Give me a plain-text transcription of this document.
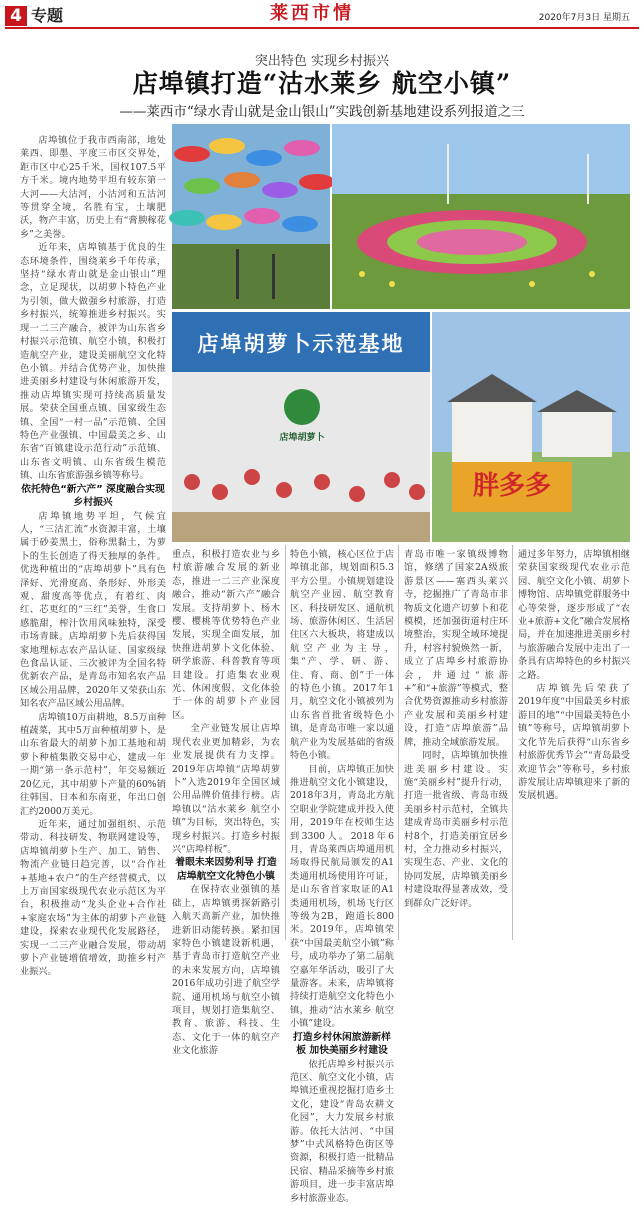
4 专题	莱西市情	2020年7月3日 星期五
突出特色 实现乡村振兴
店埠镇打造“沽水莱乡 航空小镇”
——莱西市“绿水青山就是金山银山”实践创新基地建设系列报道之三

店埠镇位于我市西南部，地处莱西、即墨、平度三市区交界处，距市区中心25千米，国权107.5平方千米。境内地势平坦有较东第一大河——大沽河，小沽河和五沽河等贯穿全境，名胜有宝，土壤肥沃，物产丰富，历史上有“膏腴稼花乡”之美誉。

近年来，店埠镇基于优良的生态环境条件，围绕莱乡千年传承，坚持“绿水青山就是金山银山”理念，立足现状，以胡萝卜特色产业为引领，做大做强乡村旅游，打造乡村振兴，统筹推进乡村振兴。实现一二三产融合，被评为山东省乡村振兴示范镇、航空小镇，积极打造航空产业，建设美丽航空文化特色小镇。并结合优势产业，加快推进美丽乡村建设与休闲旅游开发，推动店埠镇实现可持续高质量发展。荣获全国重点镇、国家级生态镇、全国“一村一品”示范镇、全国特色产业强镇、中国最美之乡、山东省“百镇建设示范行动”示范镇、山东省文明镇、山东省级生模范镇、山东省旅游强乡镇等称号。

依托特色“新六产” 深度融合实现乡村振兴

店埠镇地势平坦，气候宜人，“三沽汇流”水资源丰富，土壤属于砂姜黑土，俗称黑黏土，为萝卜的生长创造了得天独厚的条件。优选种植出的“店埠胡萝卜”具有色泽好、光滑度高、条形好、外形美观、甜度高等优点，有着红、肉红、芯更红的“三红”美誉，生食口感脆甜，榨汁饮用风味独特，深受市场青睐。店埠胡萝卜先后获得国家地理标志农产品认证、国家级绿色食品认证、三次被评为全国名特优新农产品，是青岛市知名农产品区域公用品牌，2020年又荣获山东知名农产品区域公用品牌。

店埠镇10万亩耕地，8.5万亩种植蔬菜，其中5万亩种植胡萝卜，是山东省最大的胡萝卜加工基地和胡萝卜种植集散交易中心，建成一年一期“第一条示范村”，年交易额近20亿元，其中胡萝卜产量的60%销往韩国、日本和东南亚，年出口创汇约2000万美元。

近年来，通过加强组织、示范带动、科技研发、物联网建设等，店埠镇胡萝卜生产、加工、销售、物流产业链日趋完善，以“合作社+基地+农户”的生产经营模式，以上万亩国家级现代农业示范区为平台，积极推动“龙头企业+合作社+家庭农场”为主体的胡萝卜产业链建设，探索农业现代化发展路径，实现一二三产业融合发展，带动胡萝卜产业链增值增效，助推乡村产业振兴。

店埠胡萝卜示范基地
店埠胡萝卜
胖多多

重点，积极打造农业与乡村旅游融合发展的新业态，推进一二三产业深度融合，推动“新六产”融合发展。支持胡萝卜、杨木樱、樱桃等优势特色产业发展，实现全面发展，加快推进胡萝卜文化体验、研学旅游、科普教育等项目建设。打造集农业观光、休闲度假、文化体验于一体的胡萝卜产业园区。

全产业链发展让店埠现代农业更加精彩，为农业发展提供有力支撑。2019年店埠镇“店埠胡萝卜”入选2019年全国区域公用品牌价值排行榜。店埠镇以“沽水莱乡 航空小镇”为目标，突出特色，实现乡村振兴。打造乡村振兴“店埠样板”。

着眼未来因势利导 打造店埠航空文化特色小镇

在保持农业强镇的基础上，店埠镇勇探新路引入航天高新产业，加快推进新旧动能转换。紧扣国家特色小镇建设新机遇，基于青岛市打造航空产业的未来发展方向，店埠镇2016年成功引进了航空学院、通用机场与航空小镇项目，规划打造集航空、教育、旅游、科技、生态、文化于一体的航空产业文化旅游

特色小镇，核心区位于店埠镇北部，规划面积5.3平方公里。小镇规划建设航空产业园、航空教育区、科技研发区、通航机场、旅游休闲区、生活居住区六大板块，将建成以航空产业为主导，集“产、学、研、游、住、育、商、创”于一体的特色小镇。2017年1月，航空文化小镇被列为山东省首批省级特色小镇，是青岛市唯一家以通航产业为发展基础的省级特色小镇。

目前，店埠镇正加快推进航空文化小镇建设，2018年3月，青岛北方航空职业学院建成并投入使用，2019年在校师生达到3300人。2018年6月，青岛莱西店埠通用机场取得民航局颁发的A1类通用机场使用许可证，是山东省首家取证的A1类通用机场，机场飞行区等级为2B，跑道长800米。2019年，店埠镇荣获“中国最美航空小镇”称号，成功举办了第二届航空嘉年华活动，吸引了大量游客。未来，店埠镇将持续打造航空文化特色小镇，推动“沽水莱乡 航空小镇”建设。

打造乡村休闲旅游新样板 加快美丽乡村建设

依托店埠乡村振兴示范区、航空文化小镇，店埠镇还重视挖掘打造乡土文化，建设“青岛农耕文化园”，大力发展乡村旅游。依托大沽河、“中国梦”中式风格特色街区等资源，积极打造一批精品民宿、精品采摘等乡村旅游项目，进一步丰富店埠乡村旅游业态。

青岛市唯一家镇级博物馆，修缮了国家2A级旅游景区——塞西头莱兴寺，挖掘推广了青岛市非物质文化遗产切萝卜和花模模，还加强街道村庄环境整治，实现全域环境提升，村容村貌焕然一新，成立了店埠乡村旅游协会，并通过“旅游+”和“+旅游”等模式，整合优势资源推动乡村旅游产业发展和美丽乡村建设，打造“店埠旅游”品牌，推动全域旅游发展。

同时，店埠镇加快推进美丽乡村建设。实施“美丽乡村”提升行动，打造一批省级、青岛市级美丽乡村示范村，全镇共建成青岛市美丽乡村示范村8个，打造美丽宜居乡村，全力推动乡村振兴，实现生态、产业、文化的协同发展，店埠镇美丽乡村建设取得显著成效，受到群众广泛好评。

通过多年努力，店埠镇相继荣获国家级现代农业示范园、航空文化小镇、胡萝卜博物馆、店埠镇党群服务中心等荣誉，逐步形成了“农业+旅游+文化”融合发展格局，并在加速推进美丽乡村与旅游融合发展中走出了一条具有店埠特色的乡村振兴之路。

店埠镇先后荣获了2019年度“中国最美乡村旅游目的地”“中国最美特色小镇”等称号，店埠镇胡萝卜文化节先后获得“山东省乡村旅游优秀节会”“青岛最受欢迎节会”等称号，乡村旅游发展让店埠镇迎来了新的发展机遇。
